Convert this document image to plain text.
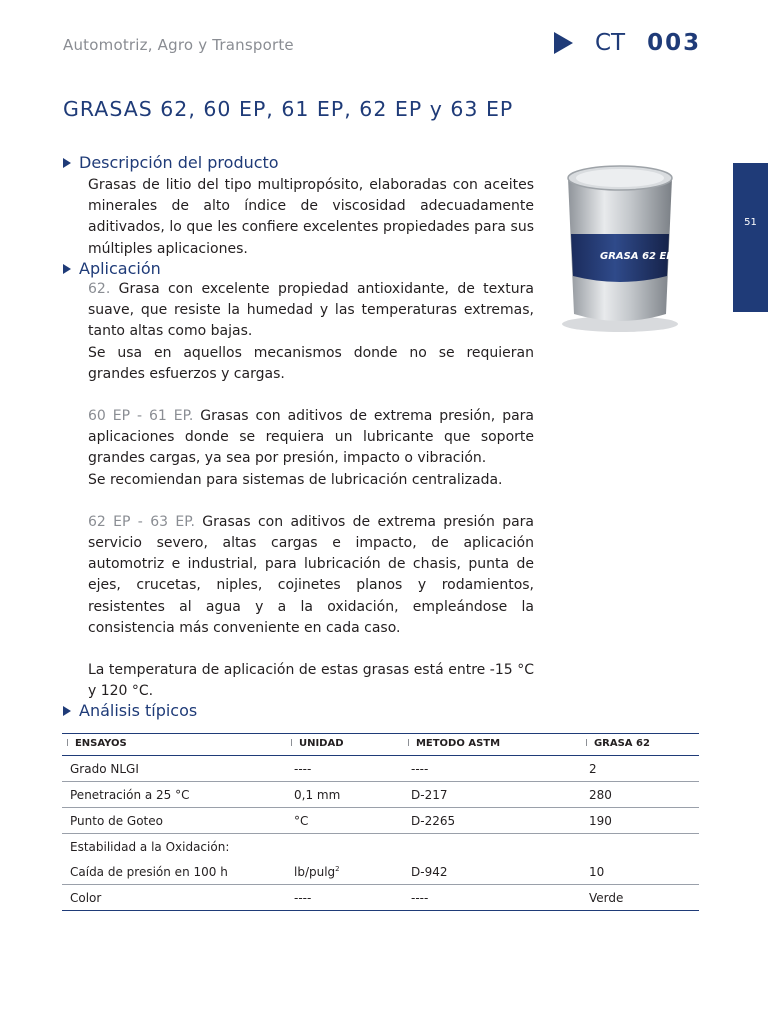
Automotriz, Agro y Transporte	CT 003
GRASAS 62, 60 EP, 61 EP, 62 EP y 63 EP
51
GRASA 62 EP
Descripción del producto

Grasas de litio del tipo multipropósito, elaboradas con aceites minerales de alto índice de viscosidad adecuadamente aditivados, lo que les confiere excelentes propiedades para sus múltiples aplicaciones.

Aplicación

62. Grasa con excelente propiedad antioxidante, de textura suave, que resiste la humedad y las temperaturas extremas, tanto altas como bajas.

Se usa en aquellos mecanismos donde no se requieran grandes esfuerzos y cargas.

60 EP - 61 EP. Grasas con aditivos de extrema presión, para aplicaciones donde se requiera un lubricante que soporte grandes cargas, ya sea por presión, impacto o vibración.

Se recomiendan para sistemas de lubricación centralizada.

62 EP - 63 EP. Grasas con aditivos de extrema presión para servicio severo, altas cargas e impacto, de aplicación automotriz e industrial, para lubricación de chasis, punta de ejes, crucetas, niples, cojinetes planos y rodamientos, resistentes al agua y a la oxidación, empleándose la consistencia más conveniente en cada caso.

La temperatura de aplicación de estas grasas está entre -15 °C y 120 °C.

Análisis típicos
I ENSAYOS	I UNIDAD	I METODO ASTM	I GRASA 62
Grado NLGI	----	----	2
Penetración a 25 °C	0,1 mm	D-217	280
Punto de Goteo	°C	D-2265	190
Estabilidad a la Oxidación:			
Caída de presión en 100 h	lb/pulg$^2$	D-942	10
Color	----	----	Verde
